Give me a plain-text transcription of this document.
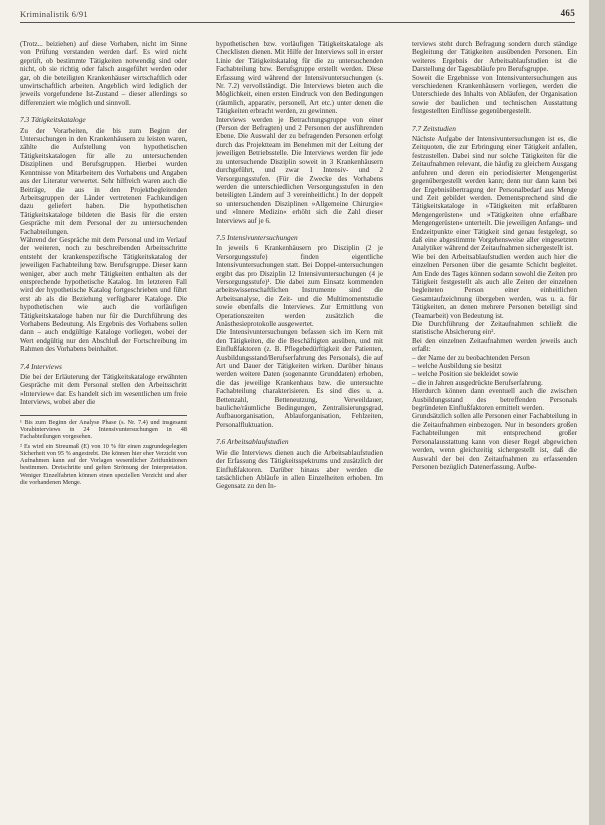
Kriminalistik 6/91	465

(Trotz... beiziehen) auf diese Vorhaben, nicht im Sinne von Prüfung verstanden werden darf. Es wird nicht geprüft, ob bestimmte Tätigkeiten notwendig sind oder nicht, ob sie richtig oder falsch ausgeführt werden oder gar, ob die beteiligten Krankenhäuser wirtschaftlich oder unwirtschaftlich arbeiten. Angeblich wird lediglich der jeweils vorgefundene Ist-Zustand – dieser allerdings so differenziert wie möglich und sinnvoll.

7.3 Tätigkeitskataloge

Zu der Vorarbeiten, die bis zum Beginn der Untersuchungen in den Krankenhäusern zu leisten waren, zählte die Aufstellung von hypothetischen Tätigkeitskatalogen für alle zu untersuchenden Disziplinen und Berufsgruppen. Hierbei wurden Kenntnisse von Mitarbeitern des Vorhabens und Angaben aus der Literatur verwertet. Sehr hilfreich waren auch die Beiträge, die aus in den Projektbegleitenden Arbeitsgruppen der Länder vertretenen Fachkundigen dazu geliefert haben. Die hypothetischen Tätigkeitskataloge bildeten die Basis für die ersten Gespräche mit dem Personal der zu untersuchenden Fachabteilungen.

Während der Gespräche mit dem Personal und im Verlauf der weiteren, noch zu beschreibenden Arbeitsschritte entsteht der krankenspezifische Tätigkeitskatalog der jeweiligen Fachabteilung bzw. Berufsgruppe. Dieser kann weniger, aber auch mehr Tätigkeiten enthalten als der entsprechende hypothetische Katalog. Im letzteren Fall wird der hypothetische Katalog fortgeschrieben und führt erst ab als die Beziehung verfügbarer Kataloge. Die hypothetischen wie auch die vorläufigen Tätigkeitskataloge haben nur für die Durchführung des Vorhabens Bedeutung. Als Ergebnis des Vorhabens sollen dann – auch endgültige Kataloge vorliegen, wobei der Wert endgültig nur den Abschluß der Fortschreibung im Rahmen des Vorhabens beinhaltet.

7.4 Interviews

Die bei der Erläuterung der Tätigkeitskataloge erwähnten Gespräche mit dem Personal stellen den Arbeitsschritt »Interview« dar. Es handelt sich im wesentlichen um freie Interviews, wobei aber die

¹ Bis zum Beginn der Analyse Phase (s. Nr. 7.4) und insgesamt Vorabinterviews in 24 Intensivuntersuchungen in 48 Fachabteilungen vorgesehen.

² Es wird ein Streumaß (E) von 10 % für einen zugrundegelegten Sicherheit von 95 % angestrebt. Die können hier eher Verzicht von Aufnahmen kann auf der Vorlagen wesentlicher Zeitfunktionen bestimmen. Dreischritte und gelten Strömung der Interpretation. Weniger Einzelfahrten können einen speziellen Verzicht und aber die vorhandenen Menge.

hypothetischen bzw. vorläufigen Tätigkeitskataloge als Checklisten dienen. Mit Hilfe der Interviews soll in erster Linie der Tätigkeitskatalog für die zu untersuchenden Fachabteilung bzw. Berufsgruppe erstellt werden. Diese Erfassung wird während der Intensivuntersuchungen (s. Nr. 7.2) vervollständigt. Die Interviews bieten auch die Möglichkeit, einen ersten Eindruck von den Bedingungen (räumlich, apparativ, personell, Art etc.) unter denen die Tätigkeiten erbracht werden, zu gewinnen.

Interviews werden je Betrachtungsgruppe von einer (Person der Befragten) und 2 Personen der ausführenden Ebene. Die Auswahl der zu befragenden Personen erfolgt durch das Projektteam im Benehmen mit der Leitung der jeweiligen Betriebsstelle. Die Interviews werden für jede zu untersuchende Disziplin soweit in 3 Krankenhäusern durchgeführt, und zwar 1 Intensiv- und 2 Versorgungsstufen. (Für die Zwecke des Vorhabens werden die unterschiedlichen Versorgungsstufen in den beteiligten Ländern auf 3 vereinheitlicht.) In der doppelt so untersuchenden Disziplinen »Allgemeine Chirurgie« und »Innere Medizin« erhöht sich die Zahl dieser Interviews auf je 6.

7.5 Intensivuntersuchungen

In jeweils 6 Krankenhäusern pro Disziplin (2 je Versorgungsstufe) finden eigentliche Intensivuntersuchungen statt. Bei Doppel-untersuchungen ergibt das pro Disziplin 12 Intensivuntersuchungen (4 je Versorgungsstufe)¹. Die dabei zum Einsatz kommenden arbeitswissenschaftlichen Instrumente sind die Arbeitsanalyse, die Zeit- und die Multimomentstudie sowie ebenfalls die Interviews. Zur Ermittlung von Operationszeiten werden zusätzlich die Anästhesieprotokolle ausgewertet.

Die Intensivuntersuchungen befassen sich im Kern mit den Tätigkeiten, die die Beschäftigten ausüben, und mit Einflußfaktoren (z. B. Pflegebedürftigkeit der Patienten, Ausbildungsstand/Berufserfahrung des Personals), die auf Art und Dauer der Tätigkeiten wirken. Darüber hinaus werden weitere Daten (sogenannte Grunddaten) erhoben, die das jeweilige Krankenhaus bzw. die untersuchte Fachabteilung charakterisieren. Es sind dies u. a. Bettenzahl, Betteneutzung, Verweildauer, bauliche/räumliche Bedingungen, Zentralisierungsgrad, Aufbauorganisation, Ablauforganisation, Fehlzeiten, Personalfluktuation.

7.6 Arbeitsablaufstudien

Wie die Interviews dienen auch die Arbeitsablaufstudien der Erfassung des Tätigkeitsspektrums und zusätzlich der Einflußfaktoren. Darüber hinaus aber werden die tatsächlichen Abläufe in allen Einzelheiten erhoben. Im Gegensatz zu den In-

terviews steht durch Befragung sondern durch ständige Begleitung der Tätigkeiten ausübenden Personen. Ein weiteres Ergebnis der Arbeitsablaufstudien ist die Darstellung der Tagesabläufe pro Berufsgruppe.

Soweit die Ergebnisse von Intensivuntersuchungen aus verschiedenen Krankenhäusern vorliegen, werden die Unterschiede des Inhalts von Abläufen, der Organisation sowie der baulichen und technischen Ausstattung festgestellten Einflüsse gegenübergestellt.

7.7 Zeitstudien

Nächste Aufgabe der Intensivuntersuchungen ist es, die Zeitquoten, die zur Erbringung einer Tätigkeit anfallen, festzustellen. Dabei sind nur solche Tätigkeiten für die Zeitaufnahmen relevant, die häufig zu gleichem Ausgang anfuhren und deren ein periodisierter Mengengerüst gegenübergestellt werden kann; denn nur dann kann bei der Ergebnisübertragung der Personalbedarf aus Menge und Zeit gebildet werden. Dementsprechend sind die Tätigkeitskataloge in »Tätigkeiten mit erfaßbaren Mengengerüsten« und »Tätigkeiten ohne erfaßbare Mengengerüsten« unterteilt. Die jeweiligen Anfangs- und Endzeitpunkte einer Tätigkeit sind genau festgelegt, so daß eine abgestimmte Vorgehensweise aller eingesetzten Analytiker während der Zeitaufnahmen sichergestellt ist.

Wie bei den Arbeitsablaufstudien werden auch hier die einzelnen Personen über die gesamte Schicht begleitet. Am Ende des Tages können sodann sowohl die Zeiten pro Tätigkeit festgestellt als auch alle Zeiten der einzelnen begleiteten Person einer einheitlichen Gesamtaufzeichnung übergeben werden, was u. a. für Tätigkeiten, an denen mehrere Personen beteiligt sind (Teamarbeit) von Bedeutung ist.

Die Durchführung der Zeitaufnahmen schließt die statistische Absicherung ein².

Bei den einzelnen Zeitaufnahmen werden jeweils auch erfaßt:

– der Name der zu beobachtenden Person

– welche Ausbildung sie besitzt

– welche Position sie bekleidet sowie

– die in Jahren ausgedrückte Berufserfahrung.

Hierdurch können dann eventuell auch die zwischen Ausbildungsstand des betreffenden Personals begründeten Einflußfaktoren ermittelt werden.

Grundsätzlich sollen alle Personen einer Fachabteilung in die Zeitaufnahmen einbezogen. Nur in besonders großen Fachabteilungen mit entsprechend großer Personalausstattung kann von dieser Regel abgewichen werden, wenn gleichzeitig sichergestellt ist, daß die Auswahl der bei den Zeitaufnahmen zu erfassenden Personen bezüglich Datenerfassung. Aufbe-
